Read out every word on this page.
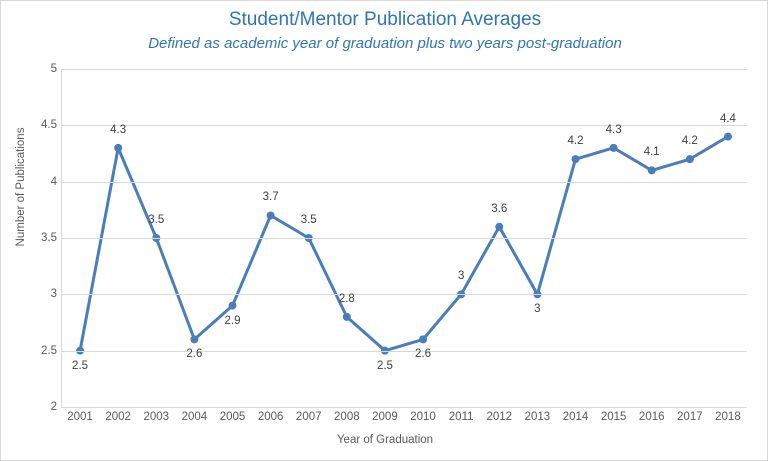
Student/Mentor Publication Averages
Defined as academic year of graduation plus two years post-graduation
Number of Publications
2
2.5
3
3.5
4
4.5
5
2.5
4.3
3.5
2.6
2.9
3.7
3.5
2.8
2.5
2.6
3
3.6
3
4.2
4.3
4.1
4.2
4.4
2001 2002 2003 2004 2005 2006 2007 2008 2009 2010 2011 2012 2013 2014 2015 2016 2017 2018
Year of Graduation
